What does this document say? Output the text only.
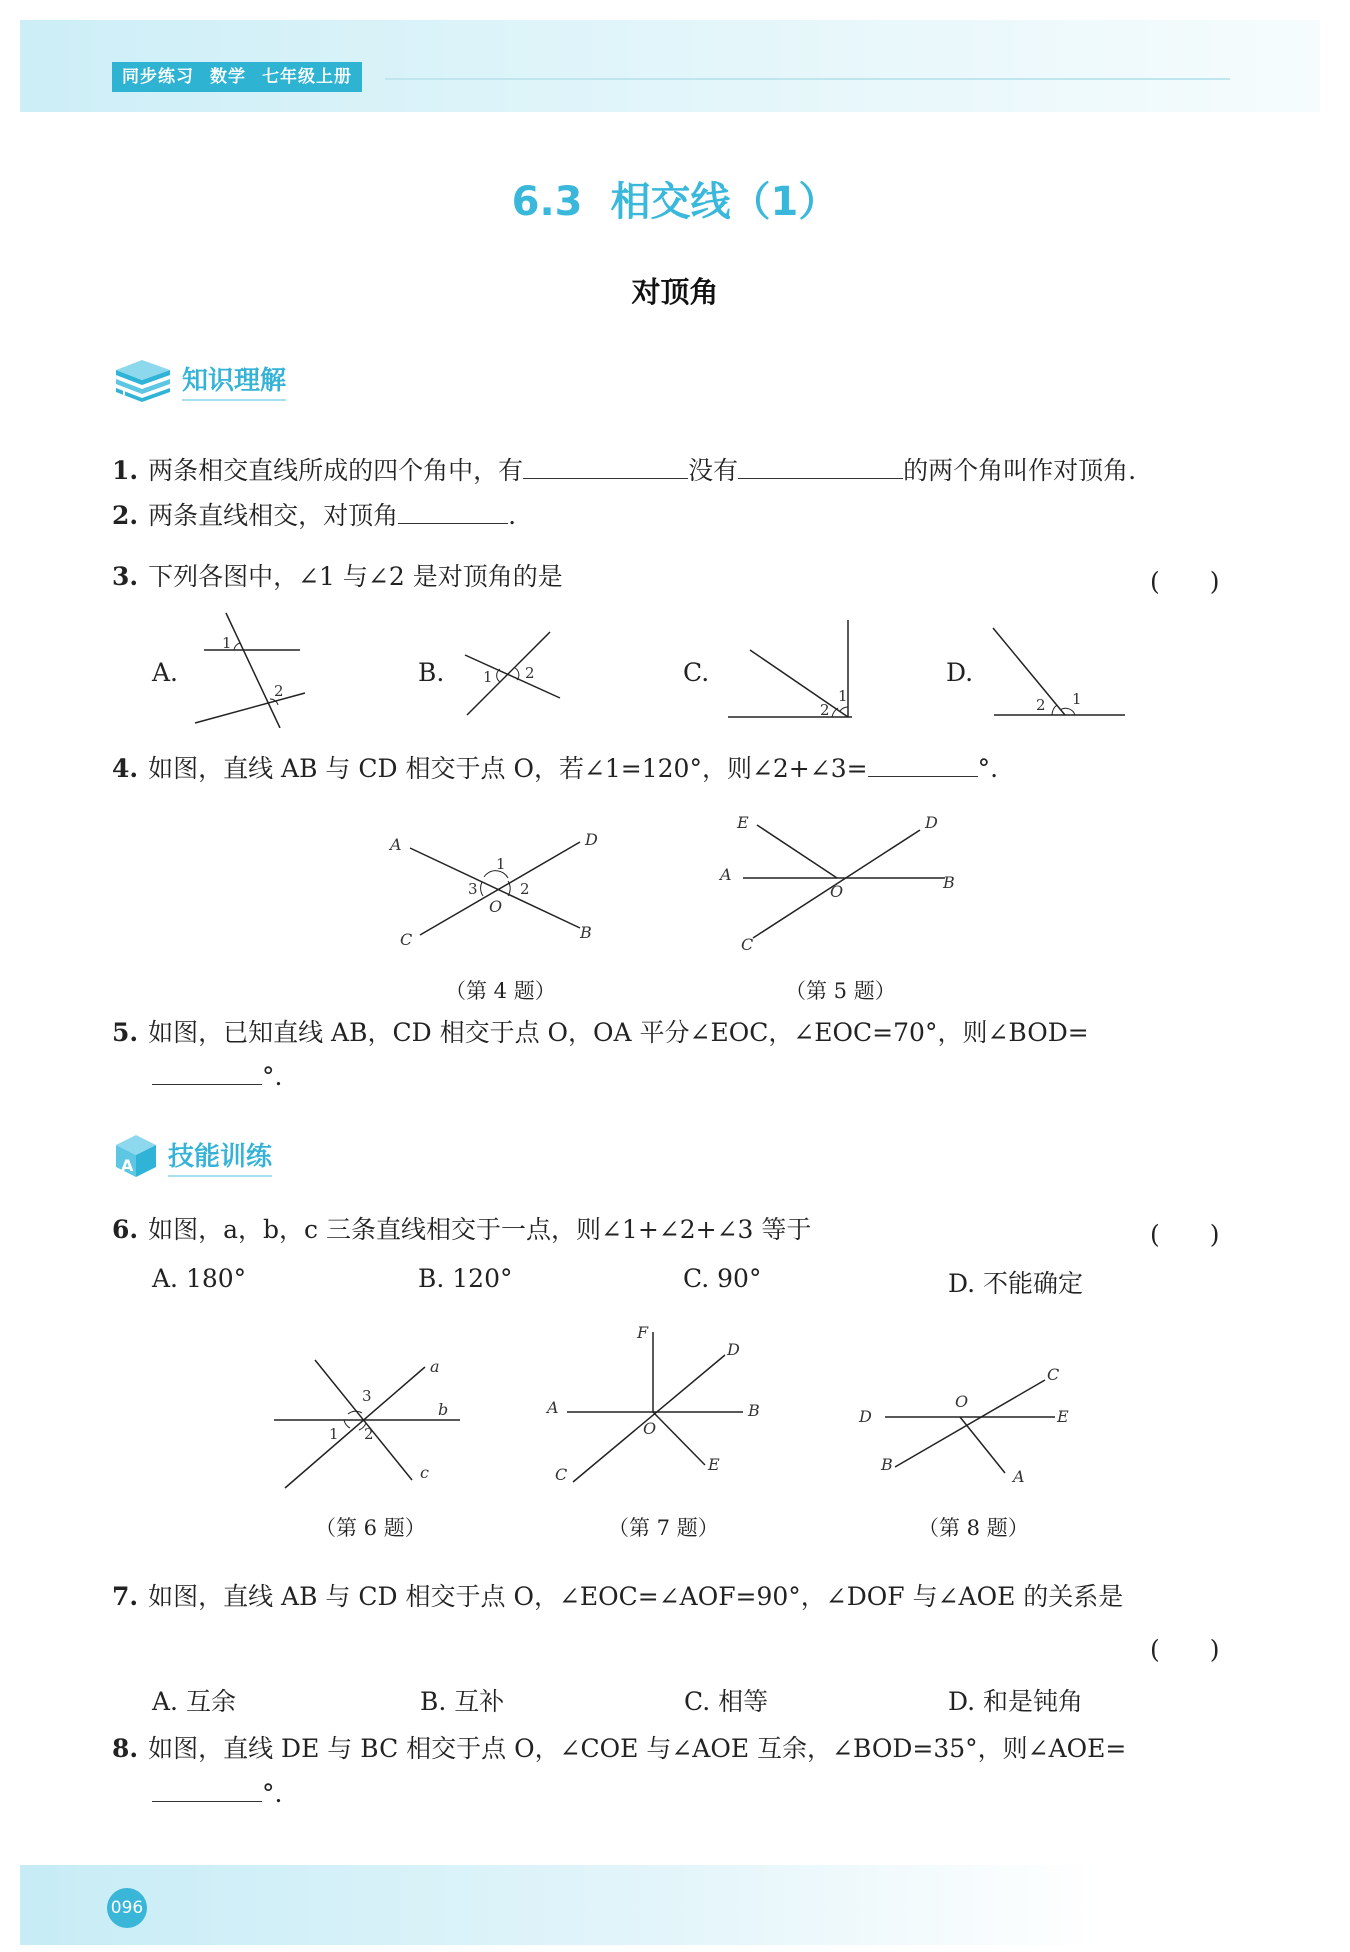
同步练习 数学 七年级上册
6.3 相交线（1）
对顶角
知识理解
1. 两条相交直线所成的四个角中，有	没有	的两个角叫作对顶角.
2. 两条直线相交，对顶角	.
3. 下列各图中，∠1 与∠2 是对顶角的是	(　　)
A.	B.	C.	D.
1
2
1 2
1
2	2 1
4. 如图，直线 AB 与 CD 相交于点 O，若∠1=120°，则∠2+∠3=	°.
A	D
C	B
O
1
3	2
（第 4 题）
E	D
A	B
O
C
（第 5 题）
5. 如图，已知直线 AB，CD 相交于点 O，OA 平分∠EOC，∠EOC=70°，则∠BOD=
°.
A 技能训练
6. 如图，a，b，c 三条直线相交于一点，则∠1+∠2+∠3 等于	(　　)
A. 180°	B. 120°	C. 90°	D. 不能确定
a
b
c
1 2
3
（第 6 题）
F
D
A	B
O
E
C
（第 7 题）
C
O
D	E
B
A
（第 8 题）
7. 如图，直线 AB 与 CD 相交于点 O，∠EOC=∠AOF=90°，∠DOF 与∠AOE 的关系是
(　　)
A. 互余	B. 互补	C. 相等	D. 和是钝角
8. 如图，直线 DE 与 BC 相交于点 O，∠COE 与∠AOE 互余，∠BOD=35°，则∠AOE=
°.
096
